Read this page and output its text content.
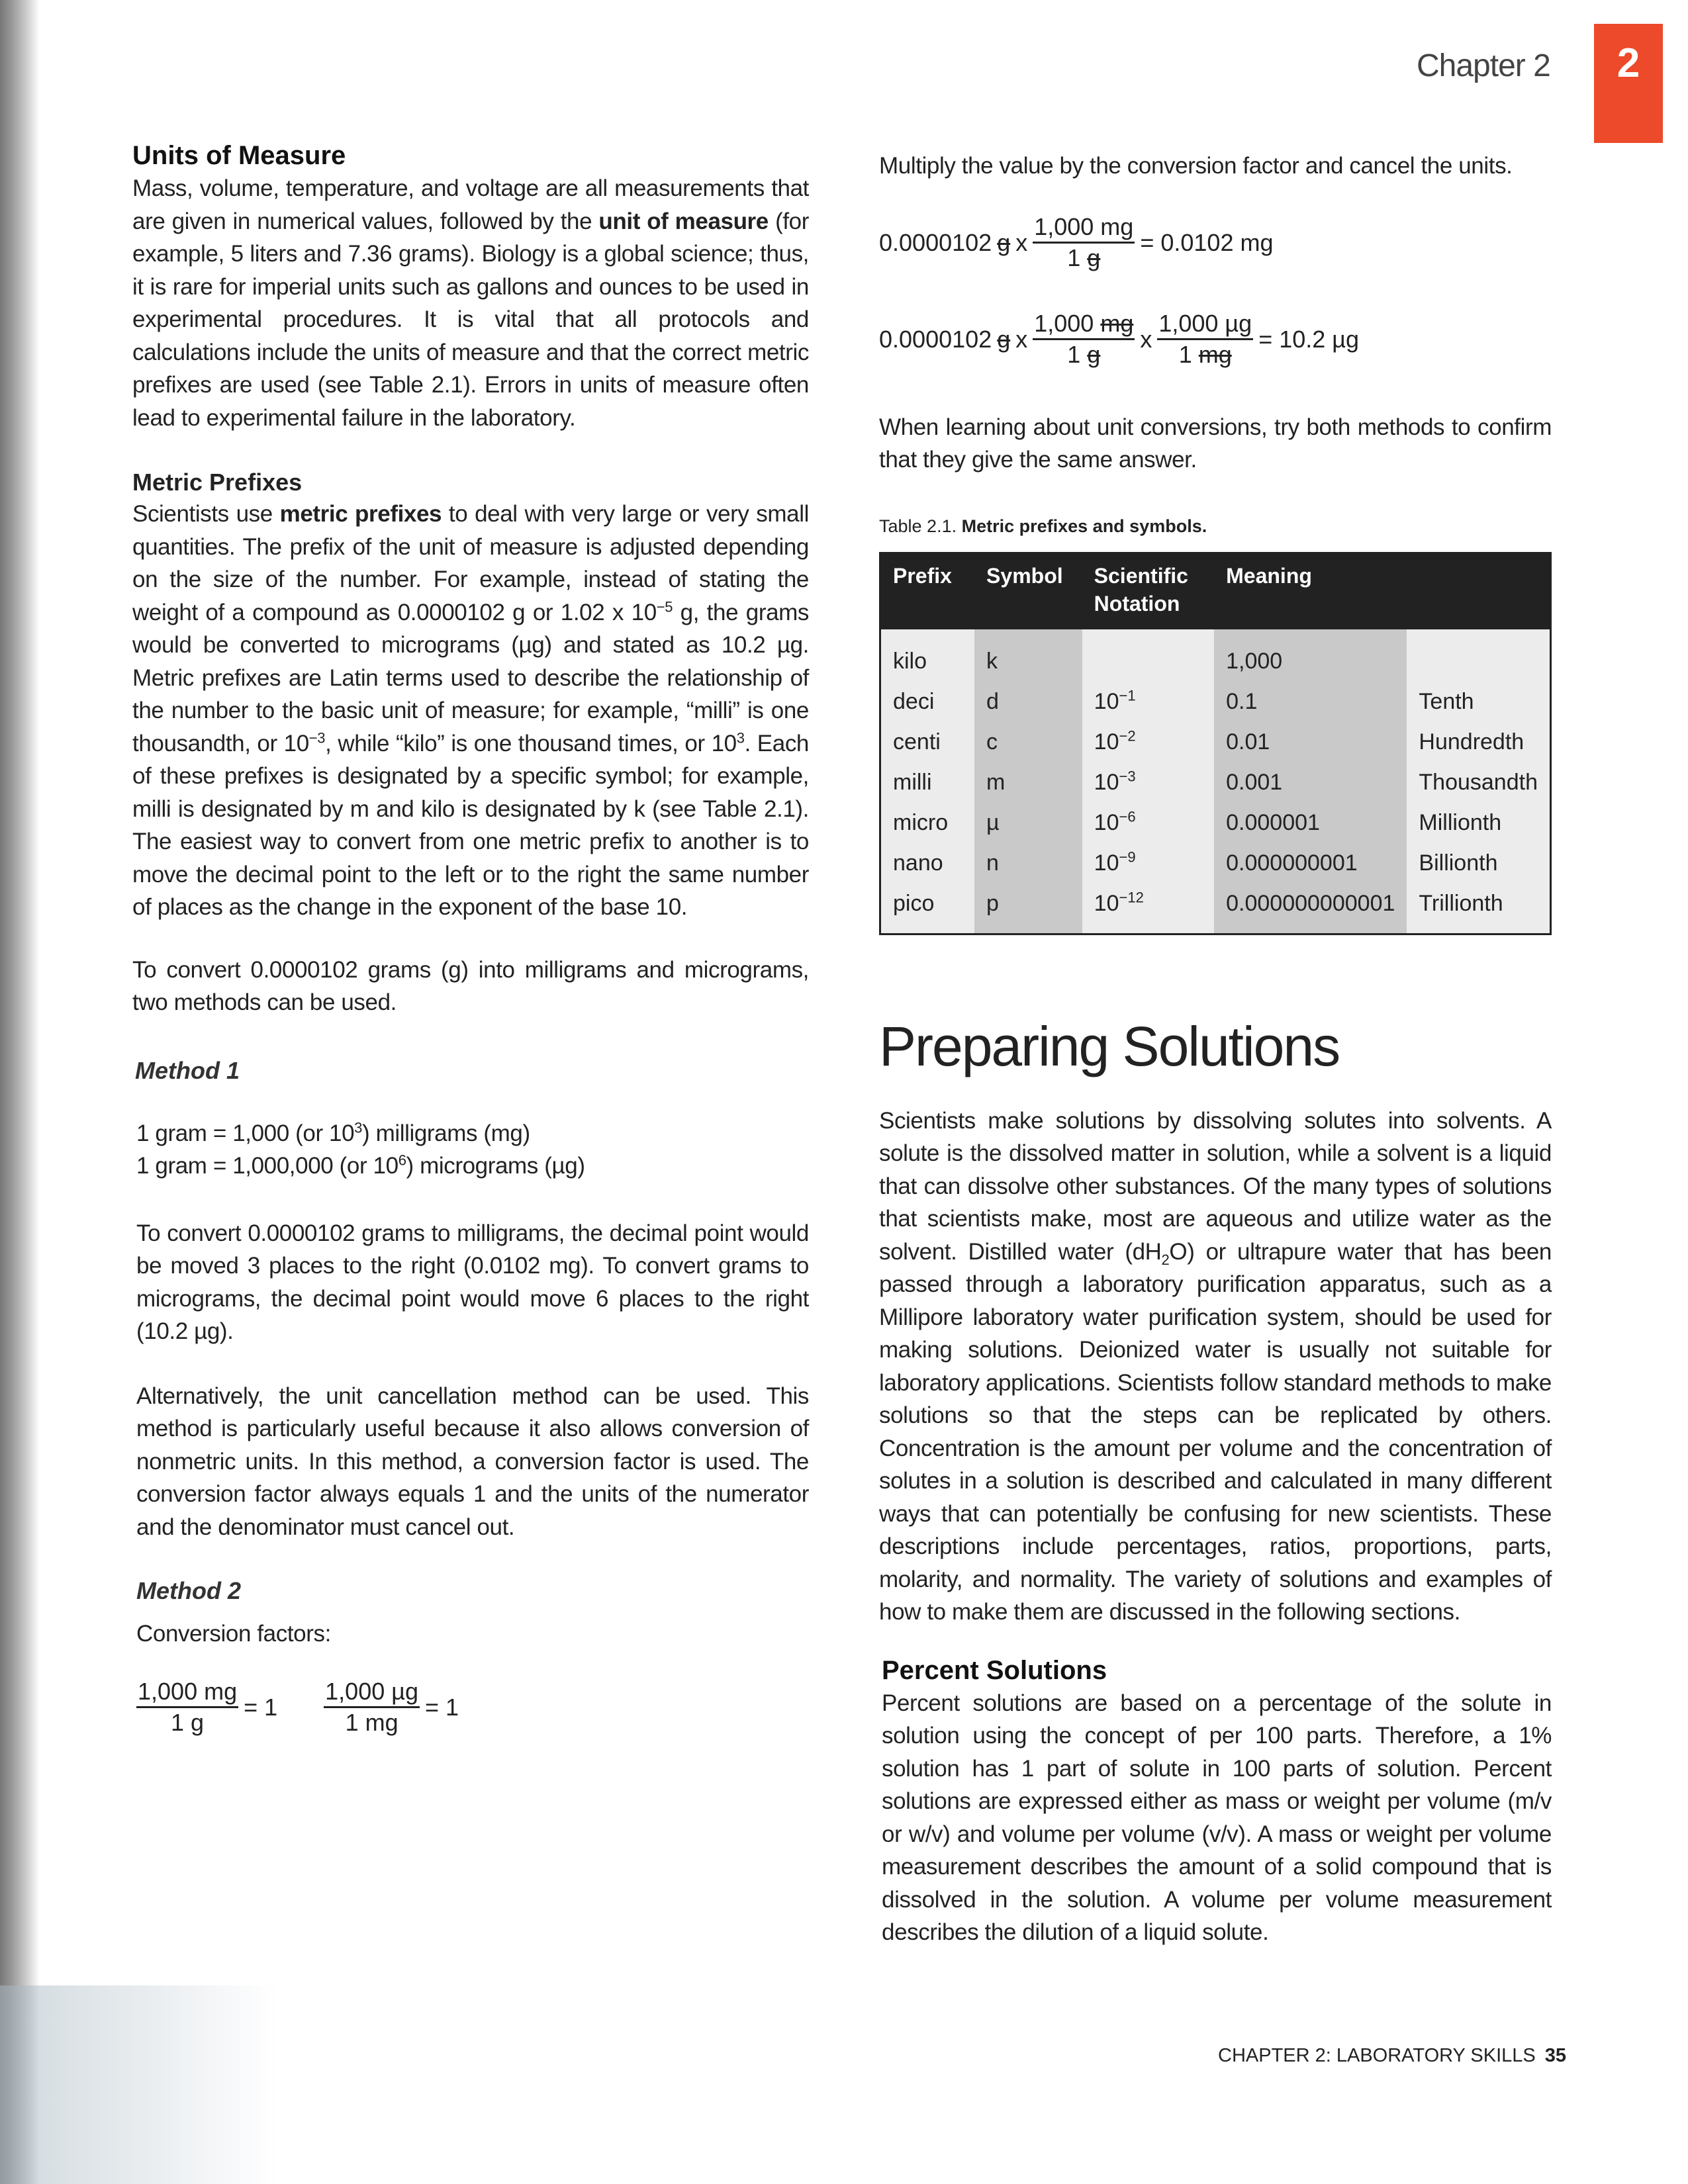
Chapter 2	2
Units of Measure
Mass, volume, temperature, and voltage are all measurements that are given in numerical values, followed by the unit of measure (for example, 5 liters and 7.36 grams). Biology is a global science; thus, it is rare for imperial units such as gallons and ounces to be used in experimental procedures. It is vital that all protocols and calculations include the units of measure and that the correct metric prefixes are used (see Table 2.1). Errors in units of measure often lead to experimental failure in the laboratory.
Metric Prefixes
Scientists use metric prefixes to deal with very large or very small quantities. The prefix of the unit of measure is adjusted depending on the size of the number. For example, instead of stating the weight of a compound as 0.0000102 g or 1.02 x $10^{-5}$ g, the grams would be converted to micrograms (µg) and stated as 10.2 µg. Metric prefixes are Latin terms used to describe the relationship of the number to the basic unit of measure; for example, “milli” is one thousandth, or $10^{-3}$, while “kilo” is one thousand times, or $10^3$. Each of these prefixes is designated by a specific symbol; for example, milli is designated by m and kilo is designated by k (see Table 2.1). The easiest way to convert from one metric prefix to another is to move the decimal point to the left or to the right the same number of places as the change in the exponent of the base 10.
To convert 0.0000102 grams (g) into milligrams and micrograms, two methods can be used.
Method 1
1 gram = 1,000 (or $10^3$) milligrams (mg)
1 gram = 1,000,000 (or $10^6$) micrograms (µg)
To convert 0.0000102 grams to milligrams, the decimal point would be moved 3 places to the right (0.0102 mg). To convert grams to micrograms, the decimal point would move 6 places to the right (10.2 µg).
Alternatively, the unit cancellation method can be used. This method is particularly useful because it also allows conversion of nonmetric units. In this method, a conversion factor is used. The conversion factor always equals 1 and the units of the numerator and the denominator must cancel out.
Method 2
Conversion factors:
$\frac{1,000 mg}{1 g} = 1 \frac{\text{1,000 µg}}{1 mg} = 1$
Multiply the value by the conversion factor and cancel the units.
0.0000102 g x $\frac{1,000 mg}{1 g} = 0.0102$ mg
0.0000102 g x $\frac{1,000 mg}{1 g}$ x $\frac{\text{1,000 µg}}{1 mg} = 10.2$ µg
When learning about unit conversions, try both methods to confirm that they give the same answer.
Table 2.1. Metric prefixes and symbols.
Prefix	Symbol	Scientific Notation	Meaning	
kilo	k		1,000	
deci	d	$10^{-1}$	0.1	Tenth
centi	c	$10^{-2}$	0.01	Hundredth
milli	m	$10^{-3}$	0.001	Thousandth
micro	µ	$10^{-6}$	0.000001	Millionth
nano	n	$10^{-9}$	0.000000001	Billionth
pico	p	$10^{-12}$	0.000000000001	Trillionth
Preparing Solutions
Scientists make solutions by dissolving solutes into solvents. A solute is the dissolved matter in solution, while a solvent is a liquid that can dissolve other substances. Of the many types of solutions that scientists make, most are aqueous and utilize water as the solvent. Distilled water $(dH_2O)$ or ultrapure water that has been passed through a laboratory purification apparatus, such as a Millipore laboratory water purification system, should be used for making solutions. Deionized water is usually not suitable for laboratory applications. Scientists follow standard methods to make solutions so that the steps can be replicated by others. Concentration is the amount per volume and the concentration of solutes in a solution is described and calculated in many different ways that can potentially be confusing for new scientists. These descriptions include percentages, ratios, proportions, parts, molarity, and normality. The variety of solutions and examples of how to make them are discussed in the following sections.
Percent Solutions
Percent solutions are based on a percentage of the solute in solution using the concept of per 100 parts. Therefore, a 1% solution has 1 part of solute in 100 parts of solution. Percent solutions are expressed either as mass or weight per volume (m/v or w/v) and volume per volume (v/v). A mass or weight per volume measurement describes the amount of a solid compound that is dissolved in the solution. A volume per volume measurement describes the dilution of a liquid solute.
CHAPTER 2: LABORATORY SKILLS 35
